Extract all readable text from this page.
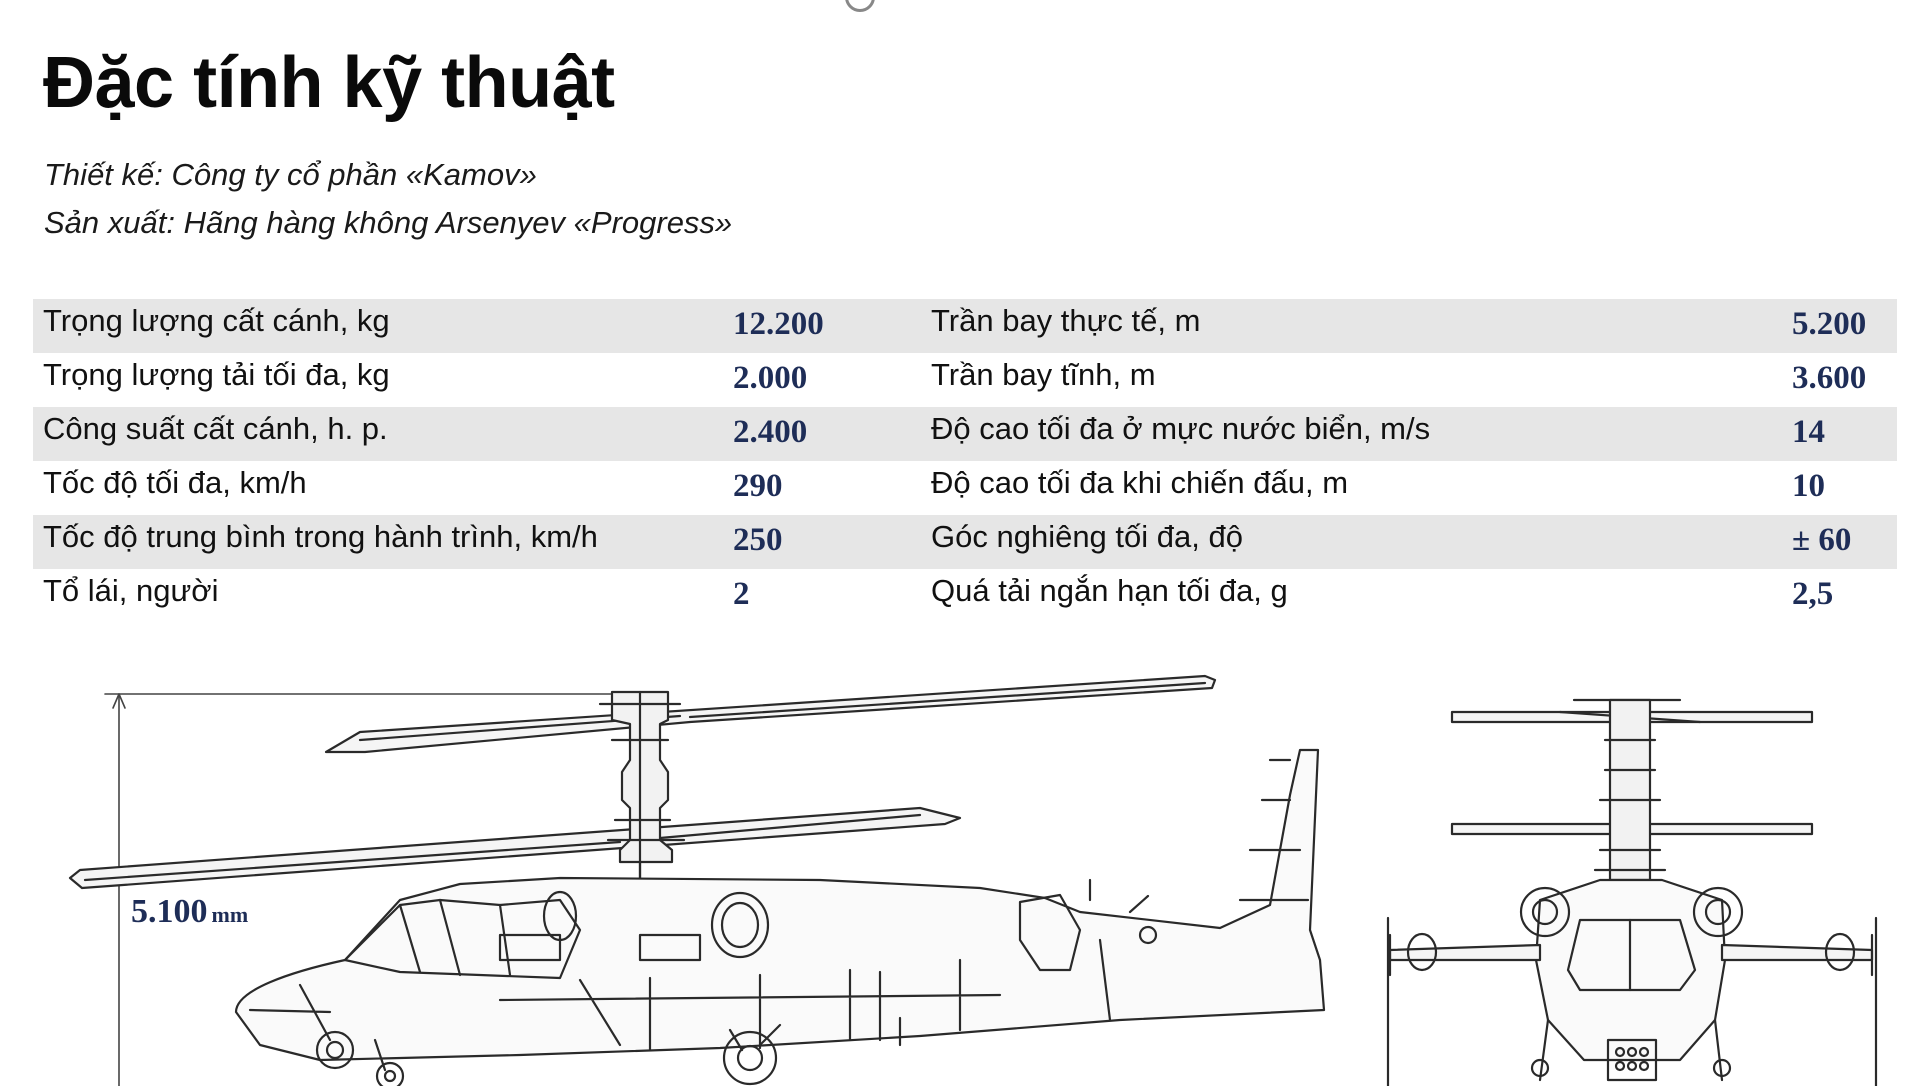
Đặc tính kỹ thuật
Thiết kế: Công ty cổ phần «Kamov»
Sản xuất: Hãng hàng không Arsenyev «Progress»
Trọng lượng cất cánh, kg	12.200	Trần bay thực tế, m	5.200
Trọng lượng tải tối đa, kg	2.000	Trần bay tĩnh, m	3.600
Công suất cất cánh, h. p.	2.400	Độ cao tối đa ở mực nước biển, m/s	14
Tốc độ tối đa, km/h	290	Độ cao tối đa khi chiến đấu, m	10
Tốc độ trung bình trong hành trình, km/h	250	Góc nghiêng tối đa, độ	± 60
Tổ lái, người	2	Quá tải ngắn hạn tối đa, g	2,5
5.100 mm
